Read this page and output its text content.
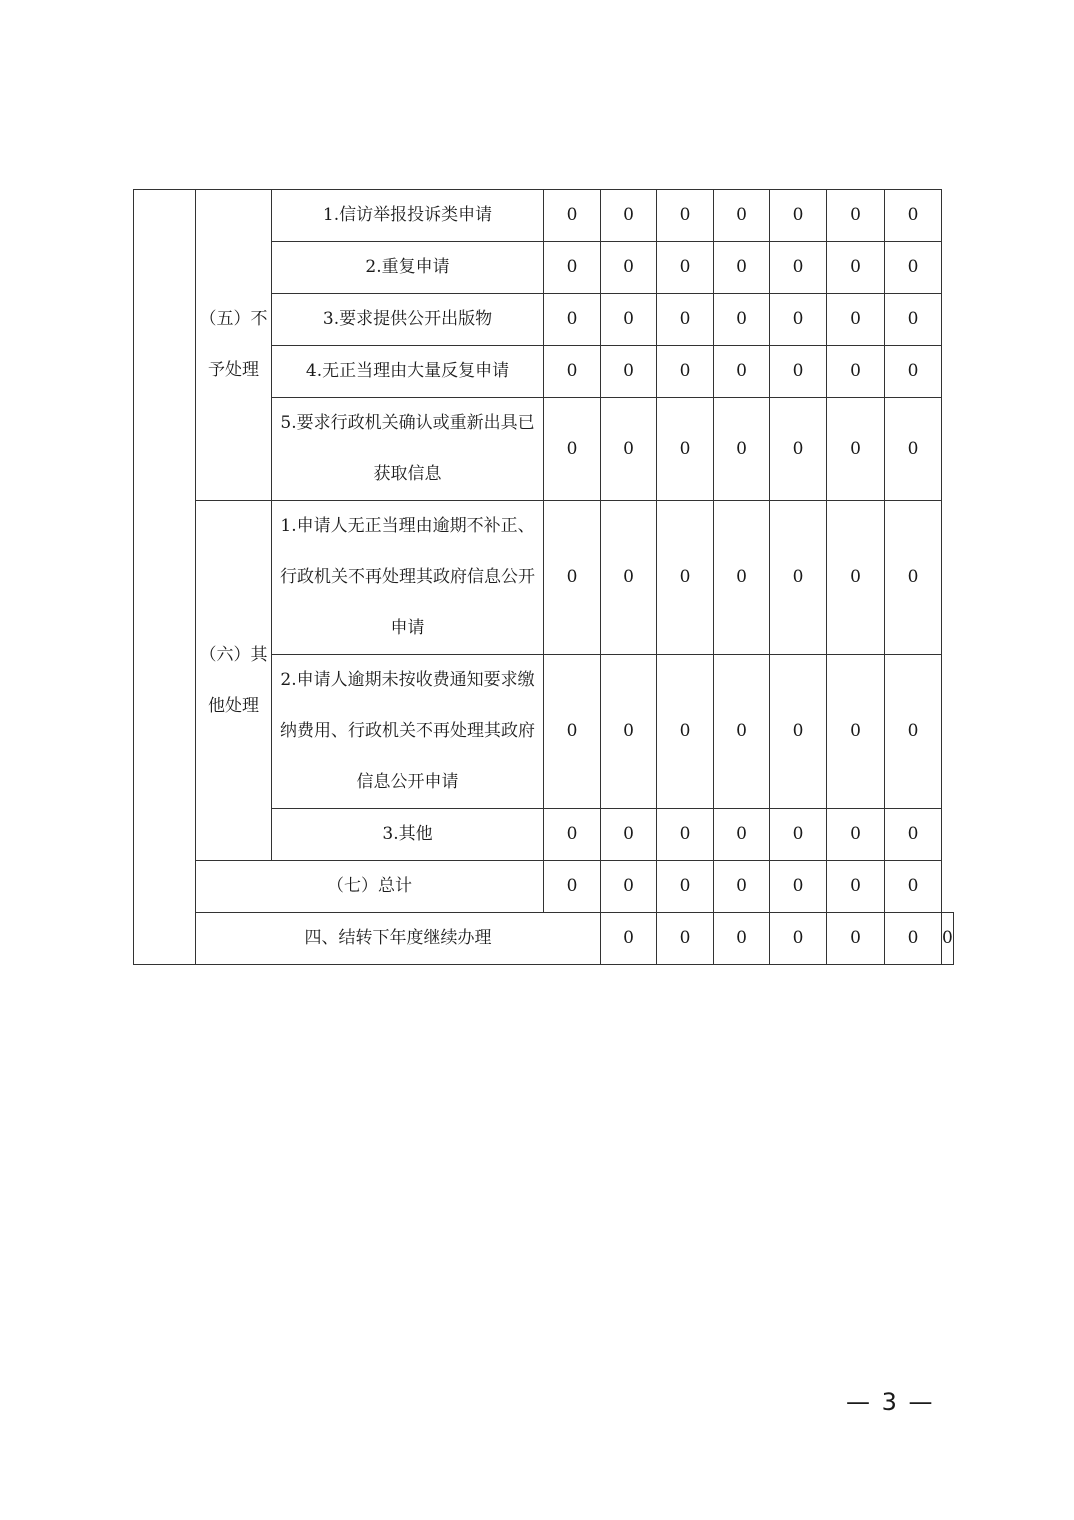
	（五）不予处理	1.信访举报投诉类申请	0	0	0	0	0	0	0	
		2.重复申请	0	0	0	0	0	0	0	
		3.要求提供公开出版物	0	0	0	0	0	0	0	
		4.无正当理由大量反复申请	0	0	0	0	0	0	0	
		5.要求行政机关确认或重新出具已获取信息	0	0	0	0	0	0	0	

	（六）其他处理	1.申请人无正当理由逾期不补正、行政机关不再处理其政府信息公开申请	0	0	0	0	0	0	0	
		2.申请人逾期未按收费通知要求缴纳费用、行政机关不再处理其政府信息公开申请	0	0	0	0	0	0	0	
		3.其他	0	0	0	0	0	0	0	
	（七）总计		0	0	0	0	0	0	0	
	四、结转下年度继续办理			0	0	0	0	0	0	0
— 3 —
